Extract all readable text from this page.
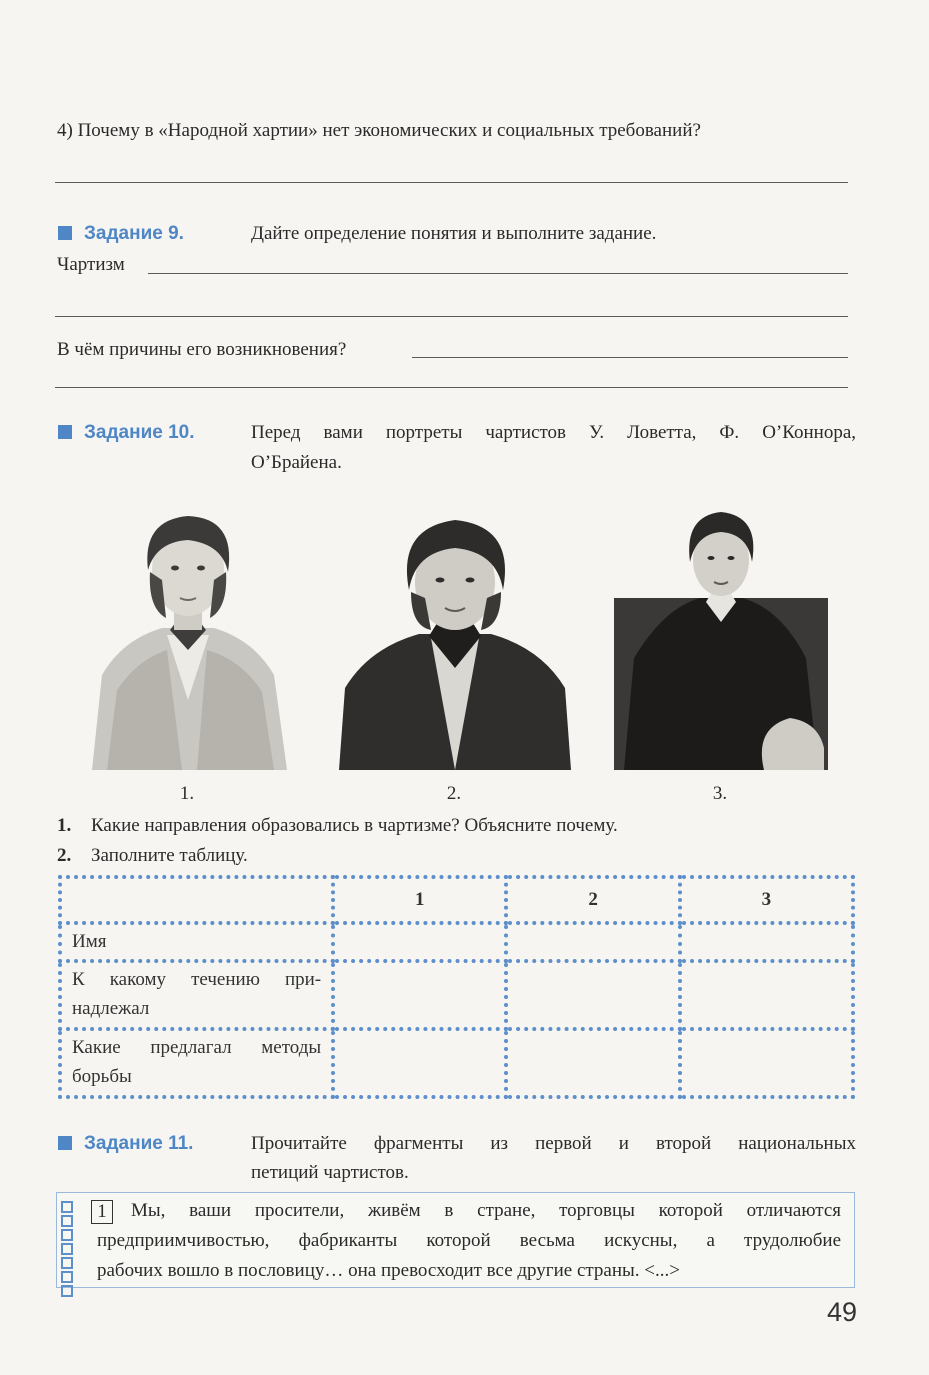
4) Почему в «Народной хартии» нет экономических и социальных требований?
Задание 9.	Дайте определение понятия и выполните задание.
Чартизм
В чём причины его возникновения?
Задание 10.	Перед вами портреты чартистов У. Ловетта, Ф. О’Коннора,
О’Брайена.
1.	2.	3.
1. Какие направления образовались в чартизме? Объясните почему.
2. Заполните таблицу.
	1	2	3
Имя			

К какому течению при-
надлежал			

Какие предлагал методы
борьбы			

Задание 11.	Прочитайте фрагменты из первой и второй национальных
петиций чартистов.
1	Мы, ваши просители, живём в стране, торговцы которой отличаются
предприимчивостью, фабриканты которой весьма искусны, а трудолюбие
рабочих вошло в пословицу… она превосходит все другие страны. <...>
49
